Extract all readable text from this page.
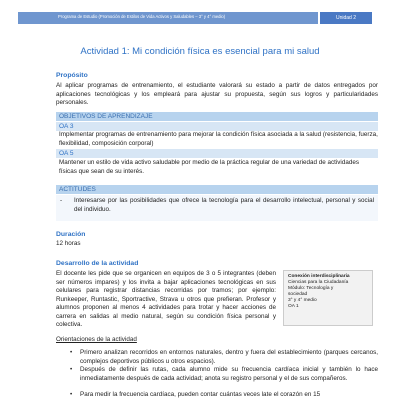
Programa de Estudio (Promoción de Estilos de Vida Activos y Saludables – 3° y 4° medio)	Unidad 2
Actividad 1: Mi condición física es esencial para mi salud
Propósito
Al aplicar programas de entrenamiento, el estudiante valorará su estado a partir de datos entregados por aplicaciones tecnológicas y los empleará para ajustar su propuesta, según sus logros y particularidades personales.
OBJETIVOS DE APRENDIZAJE
OA 3
Implementar programas de entrenamiento para mejorar la condición física asociada a la salud (resistencia, fuerza, flexibilidad, composición corporal)
OA 5
Mantener un estilo de vida activo saludable por medio de la práctica regular de una variedad de actividades físicas que sean de su interés.
ACTITUDES
- Interesarse por las posibilidades que ofrece la tecnología para el desarrollo intelectual, personal y social del individuo.
Duración
12 horas
Desarrollo de la actividad
El docente les pide que se organicen en equipos de 3 o 5 integrantes (deben ser números impares) y los invita a bajar aplicaciones tecnológicas en sus celulares para registrar distancias recorridas por tramos; por ejemplo: Runkeeper, Runtastic, Sportractive, Strava u otros que prefieran. Profesor y alumnos proponen al menos 4 actividades para trotar y hacer acciones de carrera en salidas al medio natural, según su condición física personal y colectiva.
Conexión interdisciplinaria
Ciencias para la Ciudadanía
Módulo: Tecnología y
sociedad
3° y 4° medio
OA 1
Orientaciones de la actividad
• Primero analizan recorridos en entornos naturales, dentro y fuera del establecimiento (parques cercanos, complejos deportivos públicos u otros espacios).
• Después de definir las rutas, cada alumno mide su frecuencia cardíaca inicial y también lo hace inmediatamente después de cada actividad; anota su registro personal y el de sus compañeros.
• Para medir la frecuencia cardíaca, pueden contar cuántas veces late el corazón en 15
